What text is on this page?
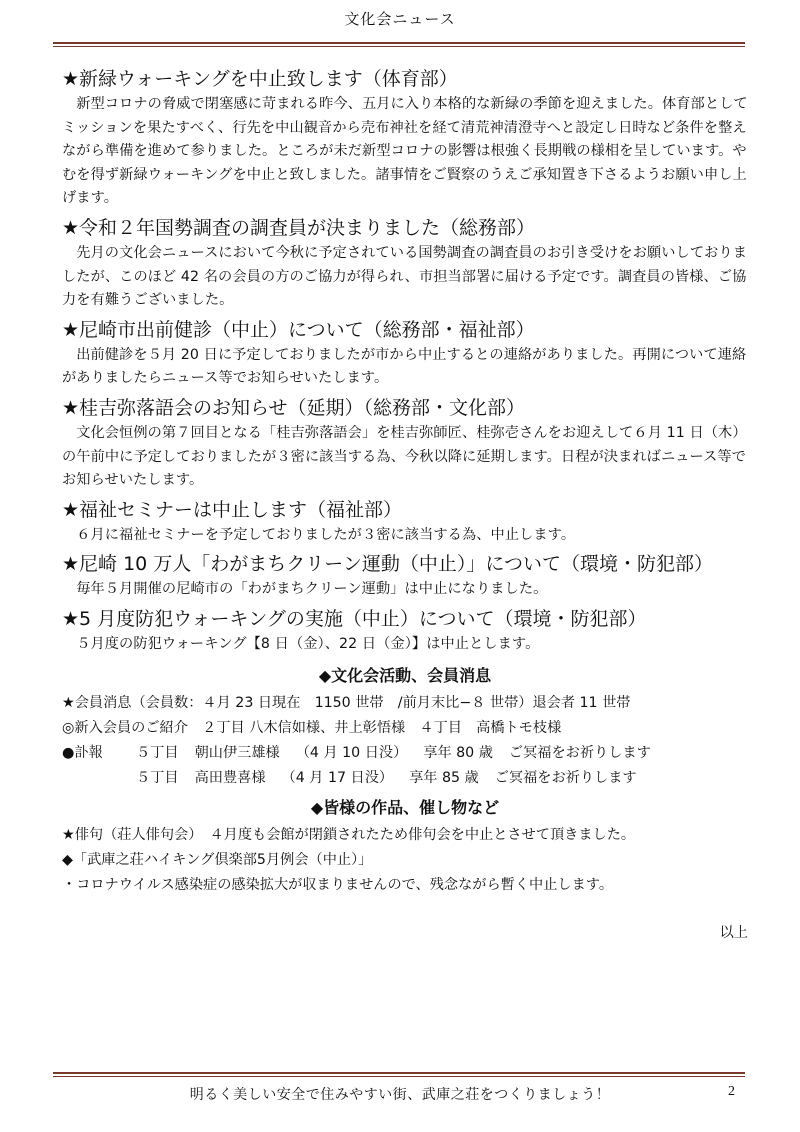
文化会ニュース
★新緑ウォーキングを中止致します（体育部）
新型コロナの脅威で閉塞感に苛まれる昨今、五月に入り本格的な新緑の季節を迎えました。体育部としてミッションを果たすべく、行先を中山観音から売布神社を経て清荒神清澄寺へと設定し日時など条件を整えながら準備を進めて参りました。ところが未だ新型コロナの影響は根強く長期戦の様相を呈しています。やむを得ず新緑ウォーキングを中止と致しました。諸事情をご賢察のうえご承知置き下さるようお願い申し上げます。
★令和２年国勢調査の調査員が決まりました（総務部）
先月の文化会ニュースにおいて今秋に予定されている国勢調査の調査員のお引き受けをお願いしておりましたが、このほど 42 名の会員の方のご協力が得られ、市担当部署に届ける予定です。調査員の皆様、ご協力を有難うございました。
★尼崎市出前健診（中止）について（総務部・福祉部）
出前健診を５月 20 日に予定しておりましたが市から中止するとの連絡がありました。再開について連絡がありましたらニュース等でお知らせいたします。
★桂吉弥落語会のお知らせ（延期）（総務部・文化部）
文化会恒例の第７回目となる「桂吉弥落語会」を桂吉弥師匠、桂弥壱さんをお迎えして６月 11 日（木）の午前中に予定しておりましたが３密に該当する為、今秋以降に延期します。日程が決まればニュース等でお知らせいたします。
★福祉セミナーは中止します（福祉部）
６月に福祉セミナーを予定しておりましたが３密に該当する為、中止します。
★尼崎 10 万人「わがまちクリーン運動（中止）」について（環境・防犯部）
毎年５月開催の尼崎市の「わがまちクリーン運動」は中止になりました。
★5 月度防犯ウォーキングの実施（中止）について（環境・防犯部）
５月度の防犯ウォーキング【8 日（金）、22 日（金）】は中止とします。
◆文化会活動、会員消息
★会員消息（会員数：４月 23 日現在　1150 世帯　/前月末比−８ 世帯）退会者 11 世帯
◎新入会員のご紹介　２丁目 八木信如様、井上彰悟様　４丁目　高橋トモ枝様
●訃報	５丁目 朝山伊三雄様 （4 月 10 日没） 享年 80 歳 ご冥福をお祈りします
５丁目 高田豊喜様 （4 月 17 日没） 享年 85 歳 ご冥福をお祈りします
◆皆様の作品、催し物など
★俳句（荘人俳句会）　４月度も会館が閉鎖されたため俳句会を中止とさせて頂きました。
◆「武庫之荘ハイキング倶楽部5月例会（中止）」
・コロナウイルス感染症の感染拡大が収まりませんので、残念ながら暫く中止します。
以上
明るく美しい安全で住みやすい街、武庫之荘をつくりましょう！	2
